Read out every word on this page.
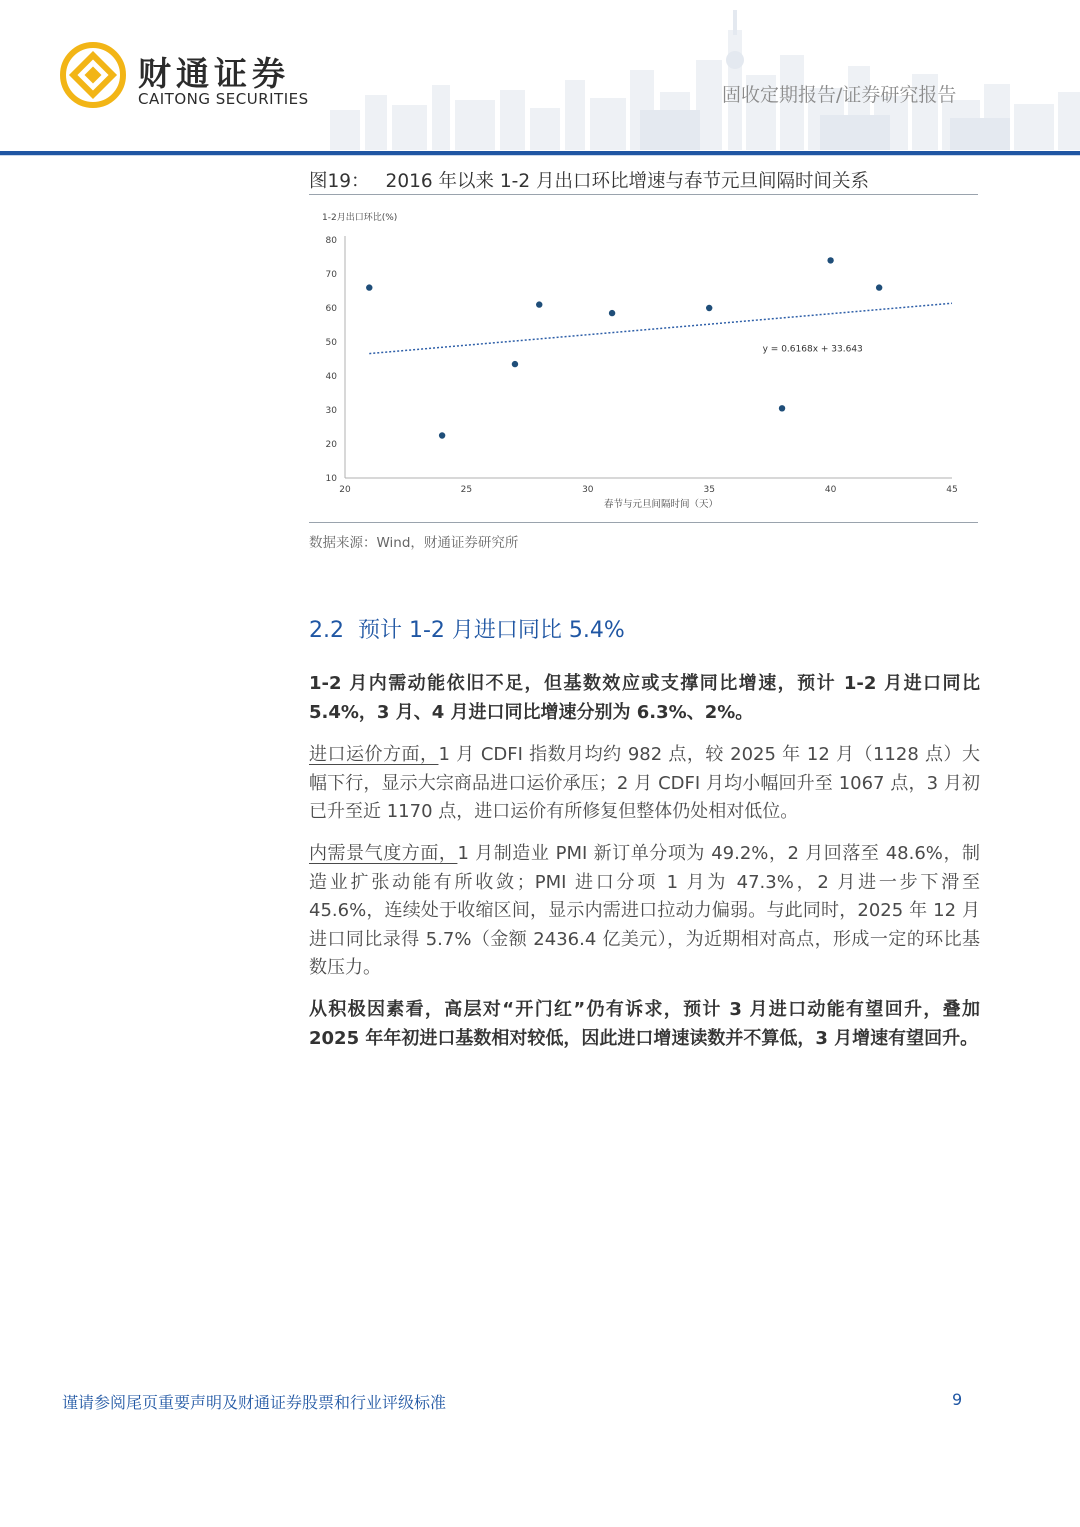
财通证券
CAITONG SECURITIES	固收定期报告/证券研究报告
图19： 2016 年以来 1-2 月出口环比增速与春节元旦间隔时间关系
1-2月出口环比(%)
10
20
30
40
50
60
70
80
20	25	30	35	40	45
y = 0.6168x + 33.643
春节与元旦间隔时间（天）
数据来源：Wind，财通证券研究所
2.2 预计 1-2 月进口同比 5.4%
1-2 月内需动能依旧不足，但基数效应或支撑同比增速，预计 1-2 月进口同比 5.4%，3 月、4 月进口同比增速分别为 6.3%、2%。
进口运价方面，1 月 CDFI 指数月均约 982 点，较 2025 年 12 月（1128 点）大幅下行，显示大宗商品进口运价承压；2 月 CDFI 月均小幅回升至 1067 点，3 月初已升至近 1170 点，进口运价有所修复但整体仍处相对低位。
内需景气度方面，1 月制造业 PMI 新订单分项为 49.2%，2 月回落至 48.6%，制造业扩张动能有所收敛；PMI 进口分项 1 月为 47.3%，2 月进一步下滑至 45.6%，连续处于收缩区间，显示内需进口拉动力偏弱。与此同时，2025 年 12 月进口同比录得 5.7%（金额 2436.4 亿美元），为近期相对高点，形成一定的环比基数压力。
从积极因素看，高层对“开门红”仍有诉求，预计 3 月进口动能有望回升，叠加 2025 年年初进口基数相对较低，因此进口增速读数并不算低，3 月增速有望回升。
谨请参阅尾页重要声明及财通证券股票和行业评级标准	9
